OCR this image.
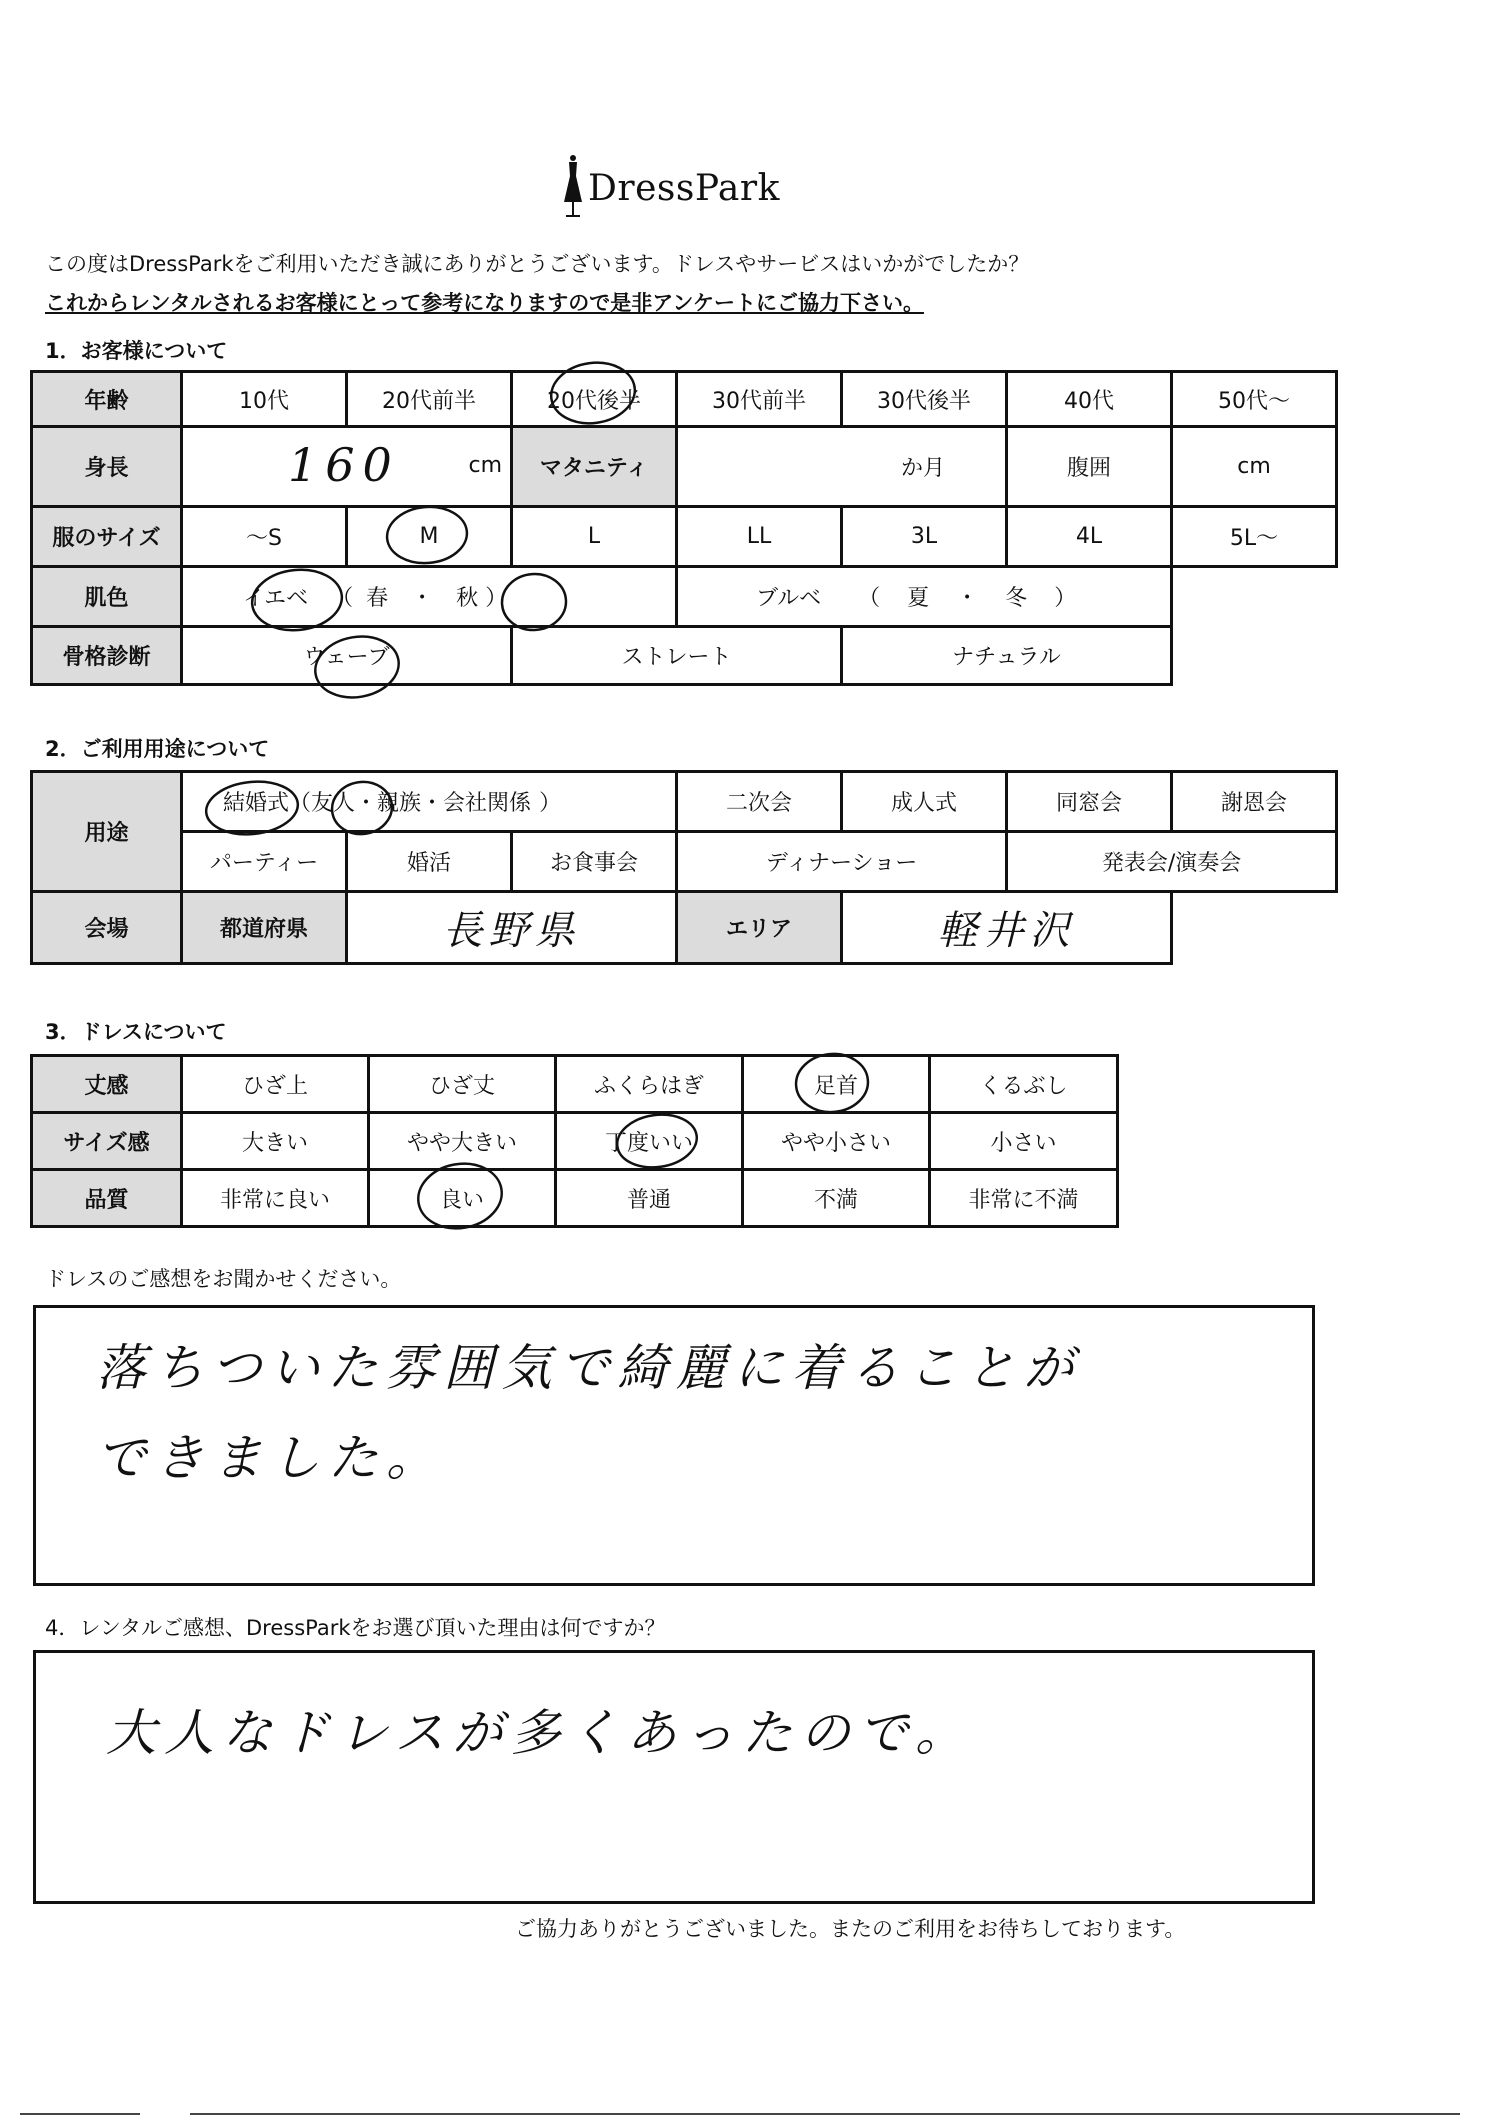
DressPark
この度はDressParkをご利用いただき誠にありがとうございます。ドレスやサービスはいかがでしたか？
これからレンタルされるお客様にとって参考になりますので是非アンケートにご協力下さい。
1．お客様について
年齢	10代	20代前半	20代後半	30代前半	30代後半	40代	50代～
身長	160 cm		マタニティ	か月		腹囲	cm
服のサイズ	～S	M	L	LL	3L	4L	5L～
肌色	イエベ （ 春 ・ 秋 ）			ブルベ （ 夏 ・ 冬 ）			
骨格診断	ウェーブ		ストレート		ナチュラル		
2．ご利用用途について
用途	結婚式（友人・親族・会社関係 ）			二次会	成人式	同窓会	謝恩会
	パーティー	婚活	お食事会	ディナーショー		発表会/演奏会	
会場	都道府県	長野県		エリア	軽井沢		
3．ドレスについて
丈感	ひざ上	ひざ丈	ふくらはぎ	足首	くるぶし
サイズ感	大きい	やや大きい	丁度いい	やや小さい	小さい
品質	非常に良い	良い	普通	不満	非常に不満
ドレスのご感想をお聞かせください。
落ちついた雰囲気で綺麗に着ることが
できました。
4．レンタルご感想、DressParkをお選び頂いた理由は何ですか？
大人なドレスが多くあったので。
ご協力ありがとうございました。またのご利用をお待ちしております。
